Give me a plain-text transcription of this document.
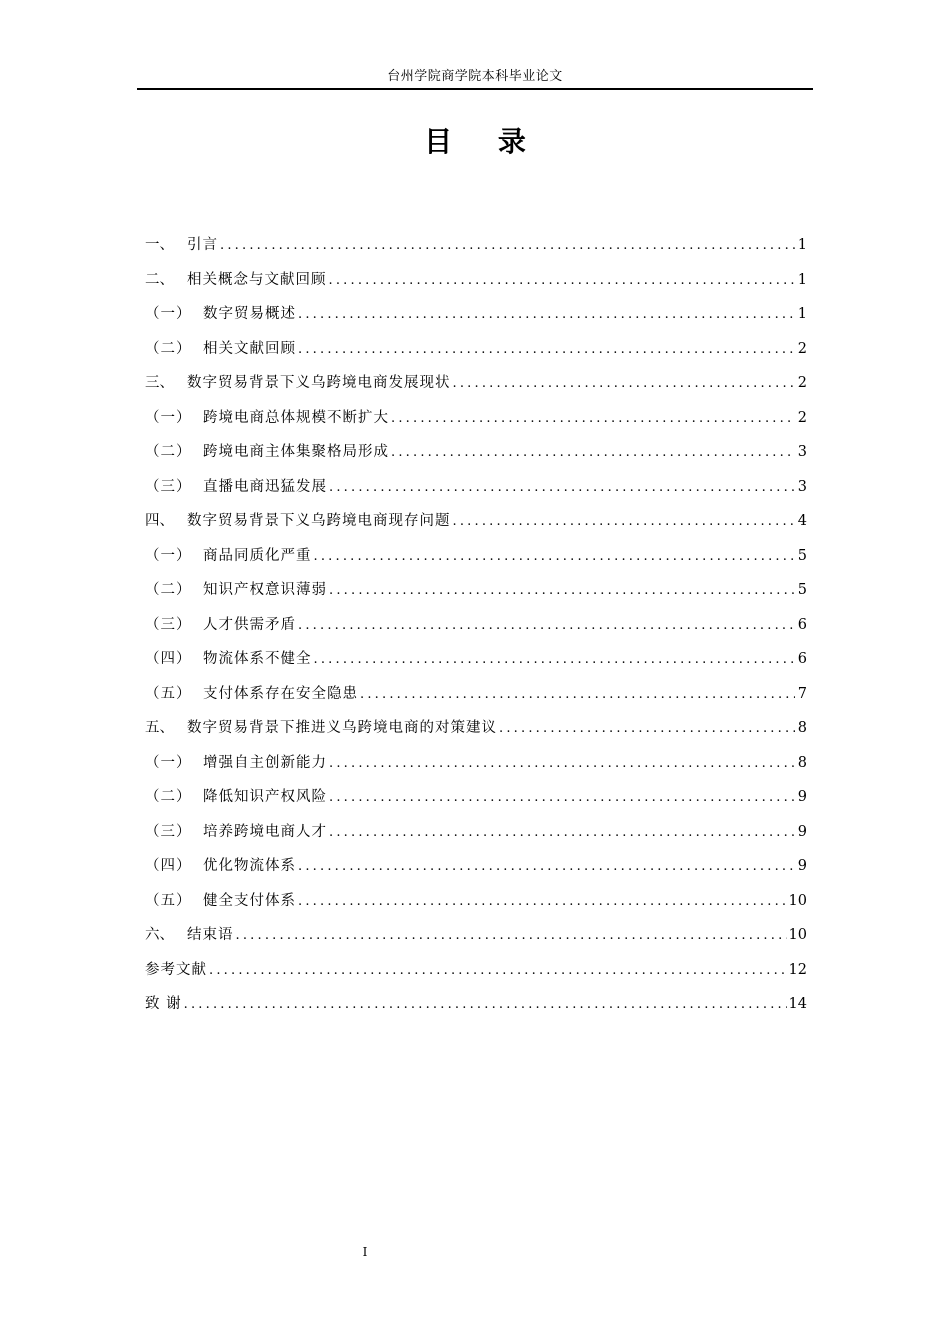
台州学院商学院本科毕业论文
目 录
一、 引言 .....	1
二、 相关概念与文献回顾 .....	1
（一） 数字贸易概述 .....	1
（二） 相关文献回顾 .....	2
三、 数字贸易背景下义乌跨境电商发展现状 .....	2
（一） 跨境电商总体规模不断扩大 .....	2
（二） 跨境电商主体集聚格局形成 .....	3
（三） 直播电商迅猛发展 .....	3
四、 数字贸易背景下义乌跨境电商现存问题 .....	4
（一） 商品同质化严重 .....	5
（二） 知识产权意识薄弱 .....	5
（三） 人才供需矛盾 .....	6
（四） 物流体系不健全 .....	6
（五） 支付体系存在安全隐患 .....	7
五、 数字贸易背景下推进义乌跨境电商的对策建议 .....	8
（一） 增强自主创新能力 .....	8
（二） 降低知识产权风险 .....	9
（三） 培养跨境电商人才 .....	9
（四） 优化物流体系 .....	9
（五） 健全支付体系 .....	10
六、 结束语 .....	10
参考文献 .....	12
致 谢 .....	14
I
